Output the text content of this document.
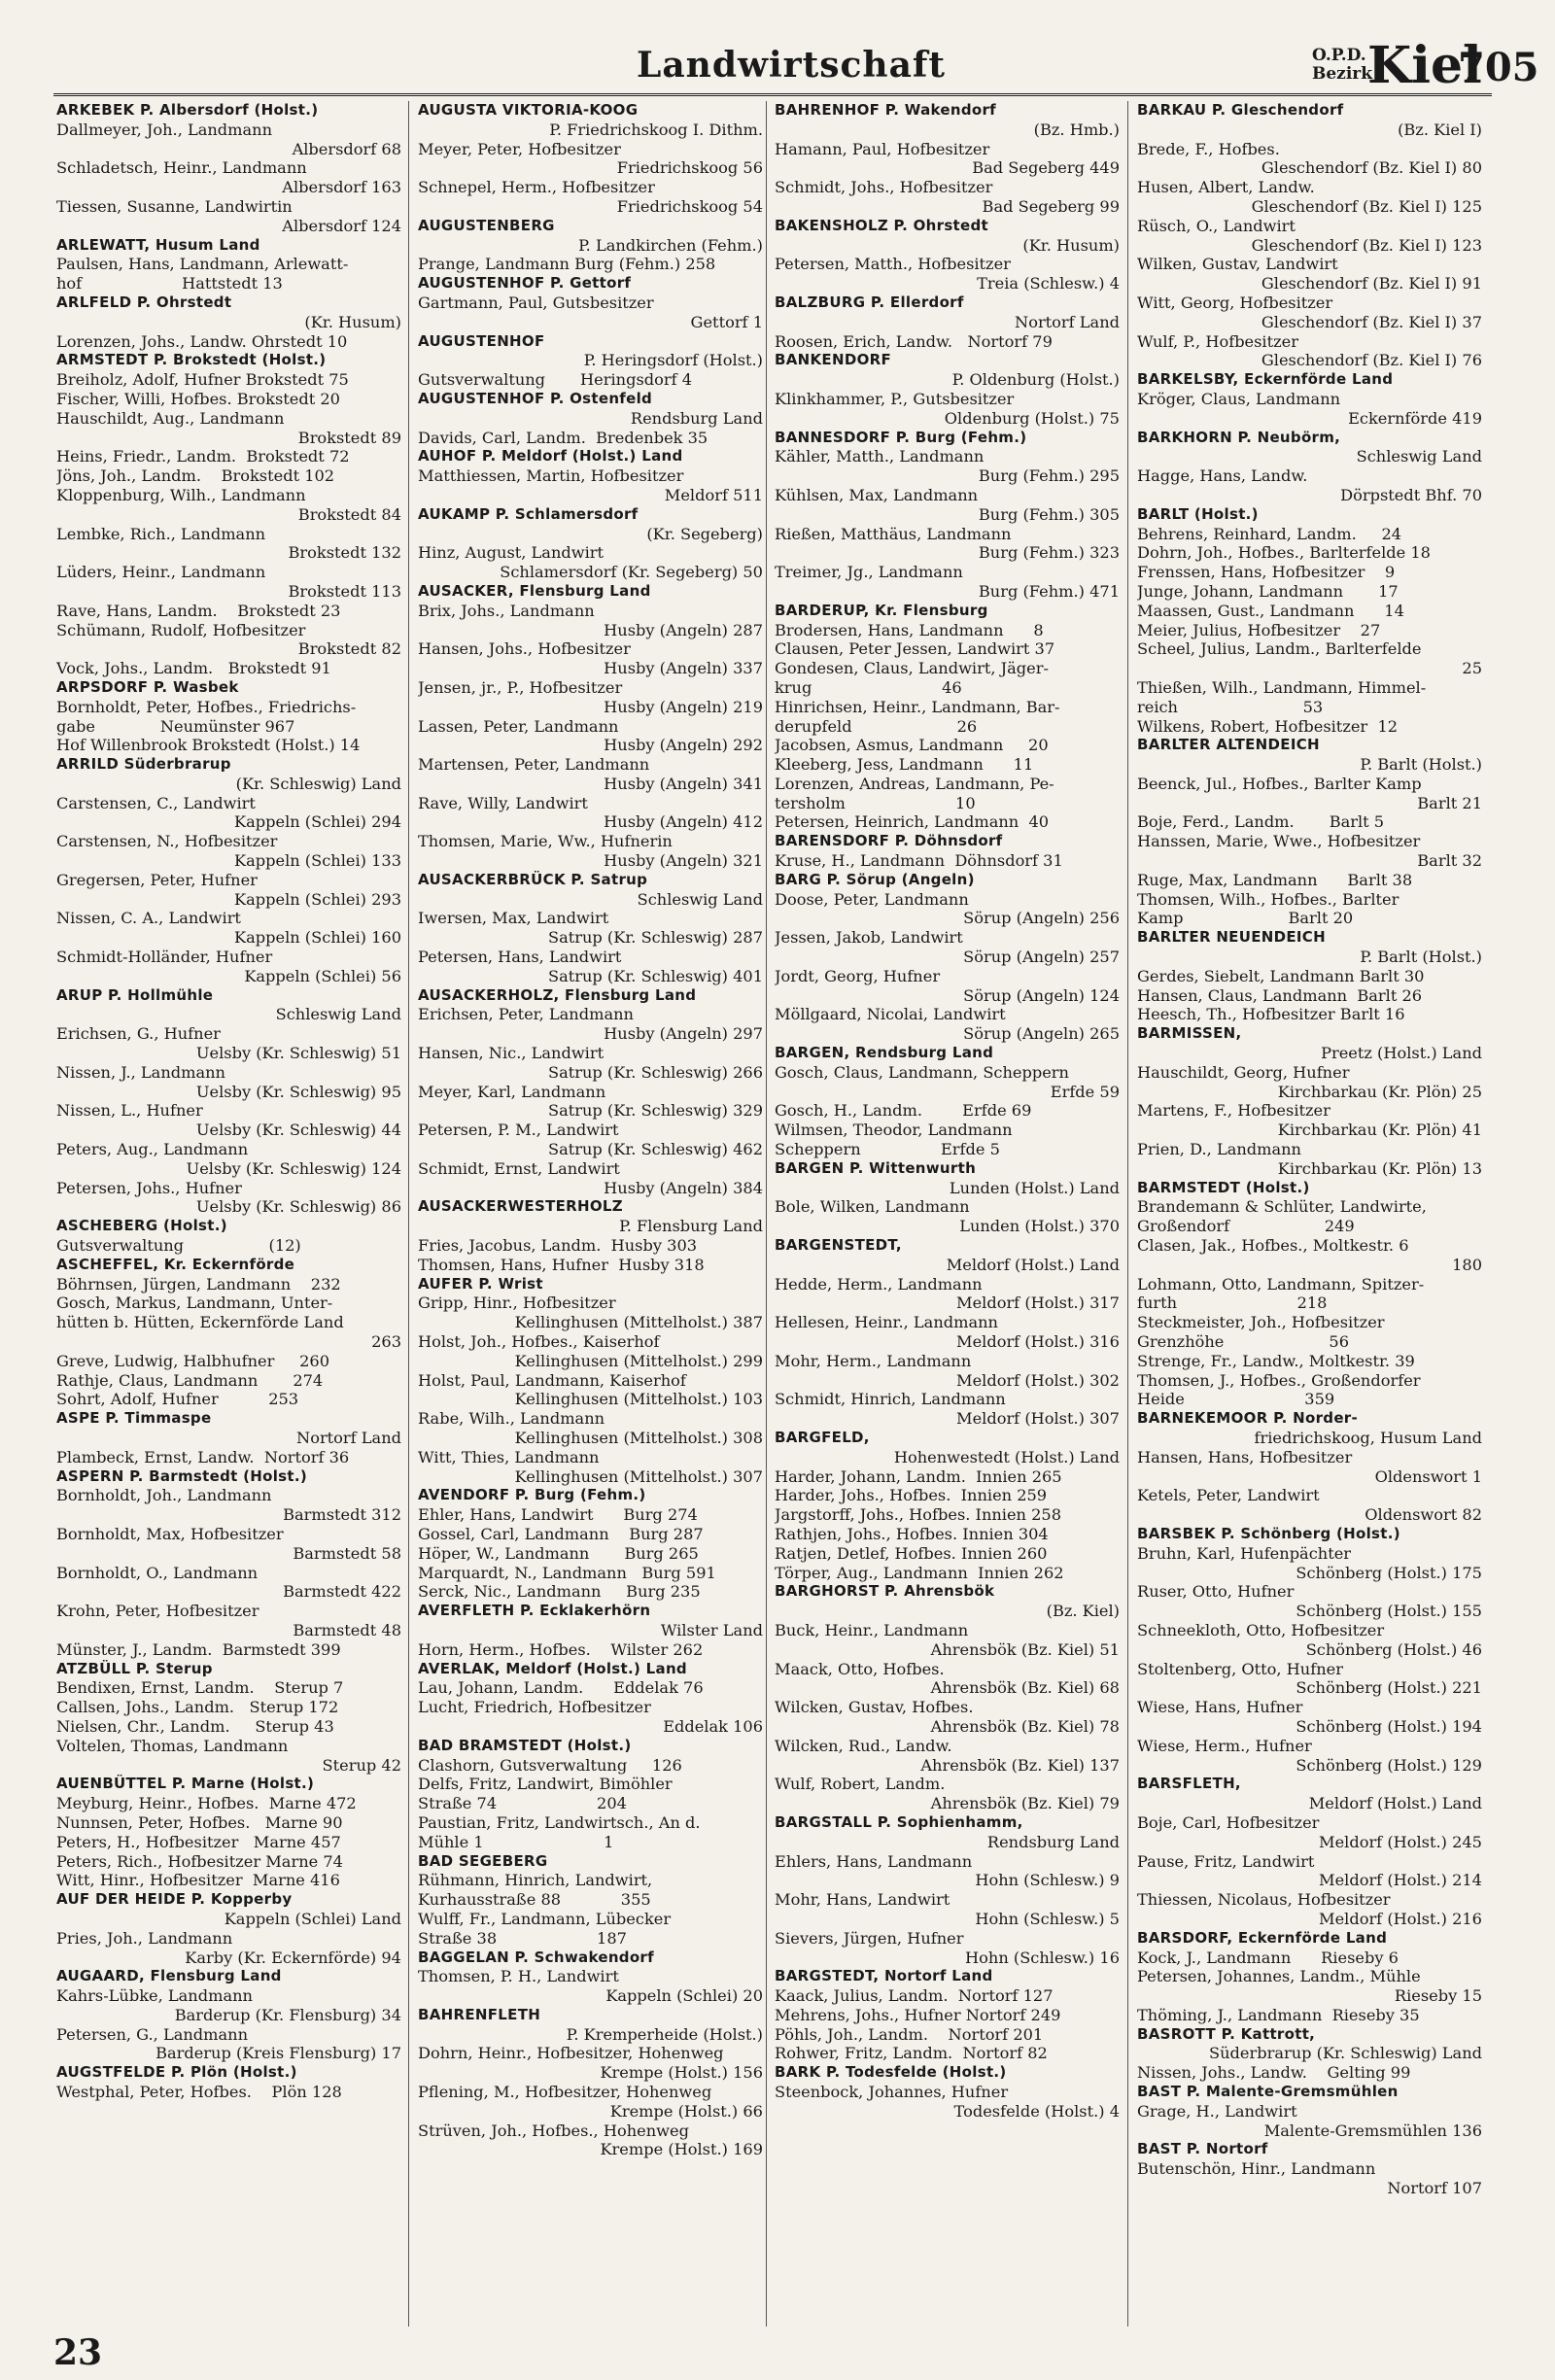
Landwirtschaft	O.P.D.
Bezirk
Kiel
705
ARKEBEK P. Albersdorf (Holst.)
Dallmeyer, Joh., Landmann
Albersdorf 68
Schladetsch, Heinr., Landmann
Albersdorf 163
Tiessen, Susanne, Landwirtin
Albersdorf 124
ARLEWATT, Husum Land
Paulsen, Hans, Landmann, Arlewatt-
hof                    Hattstedt 13
ARLFELD P. Ohrstedt
(Kr. Husum)
Lorenzen, Johs., Landw. Ohrstedt 10
ARMSTEDT P. Brokstedt (Holst.)
Breiholz, Adolf, Hufner Brokstedt 75
Fischer, Willi, Hofbes. Brokstedt 20
Hauschildt, Aug., Landmann
Brokstedt 89
Heins, Friedr., Landm.  Brokstedt 72
Jöns, Joh., Landm.    Brokstedt 102
Kloppenburg, Wilh., Landmann
Brokstedt 84
Lembke, Rich., Landmann
Brokstedt 132
Lüders, Heinr., Landmann
Brokstedt 113
Rave, Hans, Landm.    Brokstedt 23
Schümann, Rudolf, Hofbesitzer
Brokstedt 82
Vock, Johs., Landm.   Brokstedt 91
ARPSDORF P. Wasbek
Bornholdt, Peter, Hofbes., Friedrichs-
gabe             Neumünster 967
Hof Willenbrook Brokstedt (Holst.) 14
ARRILD Süderbrarup
(Kr. Schleswig) Land
Carstensen, C., Landwirt
Kappeln (Schlei) 294
Carstensen, N., Hofbesitzer
Kappeln (Schlei) 133
Gregersen, Peter, Hufner
Kappeln (Schlei) 293
Nissen, C. A., Landwirt
Kappeln (Schlei) 160
Schmidt-Holländer, Hufner
Kappeln (Schlei) 56
ARUP P. Hollmühle
Schleswig Land
Erichsen, G., Hufner
Uelsby (Kr. Schleswig) 51
Nissen, J., Landmann
Uelsby (Kr. Schleswig) 95
Nissen, L., Hufner
Uelsby (Kr. Schleswig) 44
Peters, Aug., Landmann
Uelsby (Kr. Schleswig) 124
Petersen, Johs., Hufner
Uelsby (Kr. Schleswig) 86
ASCHEBERG (Holst.)
Gutsverwaltung                 (12)
ASCHEFFEL, Kr. Eckernförde
Böhrnsen, Jürgen, Landmann    232
Gosch, Markus, Landmann, Unter-
hütten b. Hütten, Eckernförde Land
263
Greve, Ludwig, Halbhufner     260
Rathje, Claus, Landmann       274
Sohrt, Adolf, Hufner          253
ASPE P. Timmaspe
Nortorf Land
Plambeck, Ernst, Landw.  Nortorf 36
ASPERN P. Barmstedt (Holst.)
Bornholdt, Joh., Landmann
Barmstedt 312
Bornholdt, Max, Hofbesitzer
Barmstedt 58
Bornholdt, O., Landmann
Barmstedt 422
Krohn, Peter, Hofbesitzer
Barmstedt 48
Münster, J., Landm.  Barmstedt 399
ATZBÜLL P. Sterup
Bendixen, Ernst, Landm.    Sterup 7
Callsen, Johs., Landm.   Sterup 172
Nielsen, Chr., Landm.     Sterup 43
Voltelen, Thomas, Landmann
Sterup 42
AUENBÜTTEL P. Marne (Holst.)
Meyburg, Heinr., Hofbes.  Marne 472
Nunnsen, Peter, Hofbes.   Marne 90
Peters, H., Hofbesitzer   Marne 457
Peters, Rich., Hofbesitzer Marne 74
Witt, Hinr., Hofbesitzer  Marne 416
AUF DER HEIDE P. Kopperby
Kappeln (Schlei) Land
Pries, Joh., Landmann
Karby (Kr. Eckernförde) 94
AUGAARD, Flensburg Land
Kahrs-Lübke, Landmann
Barderup (Kr. Flensburg) 34
Petersen, G., Landmann
Barderup (Kreis Flensburg) 17
AUGSTFELDE P. Plön (Holst.)
Westphal, Peter, Hofbes.    Plön 128
AUGUSTA VIKTORIA-KOOG
P. Friedrichskoog I. Dithm.
Meyer, Peter, Hofbesitzer
Friedrichskoog 56
Schnepel, Herm., Hofbesitzer
Friedrichskoog 54
AUGUSTENBERG
P. Landkirchen (Fehm.)
Prange, Landmann Burg (Fehm.) 258
AUGUSTENHOF P. Gettorf
Gartmann, Paul, Gutsbesitzer
Gettorf 1
AUGUSTENHOF
P. Heringsdorf (Holst.)
Gutsverwaltung       Heringsdorf 4
AUGUSTENHOF P. Ostenfeld
Rendsburg Land
Davids, Carl, Landm.  Bredenbek 35
AUHOF P. Meldorf (Holst.) Land
Matthiessen, Martin, Hofbesitzer
Meldorf 511
AUKAMP P. Schlamersdorf
(Kr. Segeberg)
Hinz, August, Landwirt
Schlamersdorf (Kr. Segeberg) 50
AUSACKER, Flensburg Land
Brix, Johs., Landmann
Husby (Angeln) 287
Hansen, Johs., Hofbesitzer
Husby (Angeln) 337
Jensen, jr., P., Hofbesitzer
Husby (Angeln) 219
Lassen, Peter, Landmann
Husby (Angeln) 292
Martensen, Peter, Landmann
Husby (Angeln) 341
Rave, Willy, Landwirt
Husby (Angeln) 412
Thomsen, Marie, Ww., Hufnerin
Husby (Angeln) 321
AUSACKERBRÜCK P. Satrup
Schleswig Land
Iwersen, Max, Landwirt
Satrup (Kr. Schleswig) 287
Petersen, Hans, Landwirt
Satrup (Kr. Schleswig) 401
AUSACKERHOLZ, Flensburg Land
Erichsen, Peter, Landmann
Husby (Angeln) 297
Hansen, Nic., Landwirt
Satrup (Kr. Schleswig) 266
Meyer, Karl, Landmann
Satrup (Kr. Schleswig) 329
Petersen, P. M., Landwirt
Satrup (Kr. Schleswig) 462
Schmidt, Ernst, Landwirt
Husby (Angeln) 384
AUSACKERWESTERHOLZ
P. Flensburg Land
Fries, Jacobus, Landm.  Husby 303
Thomsen, Hans, Hufner  Husby 318
AUFER P. Wrist
Gripp, Hinr., Hofbesitzer
Kellinghusen (Mittelholst.) 387
Holst, Joh., Hofbes., Kaiserhof
Kellinghusen (Mittelholst.) 299
Holst, Paul, Landmann, Kaiserhof
Kellinghusen (Mittelholst.) 103
Rabe, Wilh., Landmann
Kellinghusen (Mittelholst.) 308
Witt, Thies, Landmann
Kellinghusen (Mittelholst.) 307
AVENDORF P. Burg (Fehm.)
Ehler, Hans, Landwirt      Burg 274
Gossel, Carl, Landmann    Burg 287
Höper, W., Landmann       Burg 265
Marquardt, N., Landmann   Burg 591
Serck, Nic., Landmann     Burg 235
AVERFLETH P. Ecklakerhörn
Wilster Land
Horn, Herm., Hofbes.    Wilster 262
AVERLAK, Meldorf (Holst.) Land
Lau, Johann, Landm.      Eddelak 76
Lucht, Friedrich, Hofbesitzer
Eddelak 106
BAD BRAMSTEDT (Holst.)
Clashorn, Gutsverwaltung     126
Delfs, Fritz, Landwirt, Bimöhler
Straße 74                    204
Paustian, Fritz, Landwirtsch., An d.
Mühle 1                        1
BAD SEGEBERG
Rühmann, Hinrich, Landwirt,
Kurhausstraße 88            355
Wulff, Fr., Landmann, Lübecker
Straße 38                    187
BAGGELAN P. Schwakendorf
Thomsen, P. H., Landwirt
Kappeln (Schlei) 20
BAHRENFLETH
P. Kremperheide (Holst.)
Dohrn, Heinr., Hofbesitzer, Hohenweg
Krempe (Holst.) 156
Pflening, M., Hofbesitzer, Hohenweg
Krempe (Holst.) 66
Strüven, Joh., Hofbes., Hohenweg
Krempe (Holst.) 169
BAHRENHOF P. Wakendorf
(Bz. Hmb.)
Hamann, Paul, Hofbesitzer
Bad Segeberg 449
Schmidt, Johs., Hofbesitzer
Bad Segeberg 99
BAKENSHOLZ P. Ohrstedt
(Kr. Husum)
Petersen, Matth., Hofbesitzer
Treia (Schlesw.) 4
BALZBURG P. Ellerdorf
Nortorf Land
Roosen, Erich, Landw.   Nortorf 79
BANKENDORF
P. Oldenburg (Holst.)
Klinkhammer, P., Gutsbesitzer
Oldenburg (Holst.) 75
BANNESDORF P. Burg (Fehm.)
Kähler, Matth., Landmann
Burg (Fehm.) 295
Kühlsen, Max, Landmann
Burg (Fehm.) 305
Rießen, Matthäus, Landmann
Burg (Fehm.) 323
Treimer, Jg., Landmann
Burg (Fehm.) 471
BARDERUP, Kr. Flensburg
Brodersen, Hans, Landmann      8
Clausen, Peter Jessen, Landwirt 37
Gondesen, Claus, Landwirt, Jäger-
krug                          46
Hinrichsen, Heinr., Landmann, Bar-
derupfeld                     26
Jacobsen, Asmus, Landmann     20
Kleeberg, Jess, Landmann      11
Lorenzen, Andreas, Landmann, Pe-
tersholm                      10
Petersen, Heinrich, Landmann  40
BARENSDORF P. Döhnsdorf
Kruse, H., Landmann  Döhnsdorf 31
BARG P. Sörup (Angeln)
Doose, Peter, Landmann
Sörup (Angeln) 256
Jessen, Jakob, Landwirt
Sörup (Angeln) 257
Jordt, Georg, Hufner
Sörup (Angeln) 124
Möllgaard, Nicolai, Landwirt
Sörup (Angeln) 265
BARGEN, Rendsburg Land
Gosch, Claus, Landmann, Scheppern
Erfde 59
Gosch, H., Landm.        Erfde 69
Wilmsen, Theodor, Landmann
Scheppern                Erfde 5
BARGEN P. Wittenwurth
Lunden (Holst.) Land
Bole, Wilken, Landmann
Lunden (Holst.) 370
BARGENSTEDT,
Meldorf (Holst.) Land
Hedde, Herm., Landmann
Meldorf (Holst.) 317
Hellesen, Heinr., Landmann
Meldorf (Holst.) 316
Mohr, Herm., Landmann
Meldorf (Holst.) 302
Schmidt, Hinrich, Landmann
Meldorf (Holst.) 307
BARGFELD,
Hohenwestedt (Holst.) Land
Harder, Johann, Landm.  Innien 265
Harder, Johs., Hofbes.  Innien 259
Jargstorff, Johs., Hofbes. Innien 258
Rathjen, Johs., Hofbes. Innien 304
Ratjen, Detlef, Hofbes. Innien 260
Törper, Aug., Landmann  Innien 262
BARGHORST P. Ahrensbök
(Bz. Kiel)
Buck, Heinr., Landmann
Ahrensbök (Bz. Kiel) 51
Maack, Otto, Hofbes.
Ahrensbök (Bz. Kiel) 68
Wilcken, Gustav, Hofbes.
Ahrensbök (Bz. Kiel) 78
Wilcken, Rud., Landw.
Ahrensbök (Bz. Kiel) 137
Wulf, Robert, Landm.
Ahrensbök (Bz. Kiel) 79
BARGSTALL P. Sophienhamm,
Rendsburg Land
Ehlers, Hans, Landmann
Hohn (Schlesw.) 9
Mohr, Hans, Landwirt
Hohn (Schlesw.) 5
Sievers, Jürgen, Hufner
Hohn (Schlesw.) 16
BARGSTEDT, Nortorf Land
Kaack, Julius, Landm.  Nortorf 127
Mehrens, Johs., Hufner Nortorf 249
Pöhls, Joh., Landm.    Nortorf 201
Rohwer, Fritz, Landm.  Nortorf 82
BARK P. Todesfelde (Holst.)
Steenbock, Johannes, Hufner
Todesfelde (Holst.) 4
BARKAU P. Gleschendorf
(Bz. Kiel I)
Brede, F., Hofbes.
Gleschendorf (Bz. Kiel I) 80
Husen, Albert, Landw.
Gleschendorf (Bz. Kiel I) 125
Rüsch, O., Landwirt
Gleschendorf (Bz. Kiel I) 123
Wilken, Gustav, Landwirt
Gleschendorf (Bz. Kiel I) 91
Witt, Georg, Hofbesitzer
Gleschendorf (Bz. Kiel I) 37
Wulf, P., Hofbesitzer
Gleschendorf (Bz. Kiel I) 76
BARKELSBY, Eckernförde Land
Kröger, Claus, Landmann
Eckernförde 419
BARKHORN P. Neubörm,
Schleswig Land
Hagge, Hans, Landw.
Dörpstedt Bhf. 70
BARLT (Holst.)
Behrens, Reinhard, Landm.     24
Dohrn, Joh., Hofbes., Barlterfelde 18
Frenssen, Hans, Hofbesitzer    9
Junge, Johann, Landmann       17
Maassen, Gust., Landmann      14
Meier, Julius, Hofbesitzer    27
Scheel, Julius, Landm., Barlterfelde
25
Thießen, Wilh., Landmann, Himmel-
reich                         53
Wilkens, Robert, Hofbesitzer  12
BARLTER ALTENDEICH
P. Barlt (Holst.)
Beenck, Jul., Hofbes., Barlter Kamp
Barlt 21
Boje, Ferd., Landm.       Barlt 5
Hanssen, Marie, Wwe., Hofbesitzer
Barlt 32
Ruge, Max, Landmann      Barlt 38
Thomsen, Wilh., Hofbes., Barlter
Kamp                     Barlt 20
BARLTER NEUENDEICH
P. Barlt (Holst.)
Gerdes, Siebelt, Landmann Barlt 30
Hansen, Claus, Landmann  Barlt 26
Heesch, Th., Hofbesitzer Barlt 16
BARMISSEN,
Preetz (Holst.) Land
Hauschildt, Georg, Hufner
Kirchbarkau (Kr. Plön) 25
Martens, F., Hofbesitzer
Kirchbarkau (Kr. Plön) 41
Prien, D., Landmann
Kirchbarkau (Kr. Plön) 13
BARMSTEDT (Holst.)
Brandemann & Schlüter, Landwirte,
Großendorf                   249
Clasen, Jak., Hofbes., Moltkestr. 6
180
Lohmann, Otto, Landmann, Spitzer-
furth                        218
Steckmeister, Joh., Hofbesitzer
Grenzhöhe                     56
Strenge, Fr., Landw., Moltkestr. 39
Thomsen, J., Hofbes., Großendorfer
Heide                        359
BARNEKEMOOR P. Norder-
friedrichskoog, Husum Land
Hansen, Hans, Hofbesitzer
Oldenswort 1
Ketels, Peter, Landwirt
Oldenswort 82
BARSBEK P. Schönberg (Holst.)
Bruhn, Karl, Hufenpächter
Schönberg (Holst.) 175
Ruser, Otto, Hufner
Schönberg (Holst.) 155
Schneekloth, Otto, Hofbesitzer
Schönberg (Holst.) 46
Stoltenberg, Otto, Hufner
Schönberg (Holst.) 221
Wiese, Hans, Hufner
Schönberg (Holst.) 194
Wiese, Herm., Hufner
Schönberg (Holst.) 129
BARSFLETH,
Meldorf (Holst.) Land
Boje, Carl, Hofbesitzer
Meldorf (Holst.) 245
Pause, Fritz, Landwirt
Meldorf (Holst.) 214
Thiessen, Nicolaus, Hofbesitzer
Meldorf (Holst.) 216
BARSDORF, Eckernförde Land
Kock, J., Landmann      Rieseby 6
Petersen, Johannes, Landm., Mühle
Rieseby 15
Thöming, J., Landmann  Rieseby 35
BASROTT P. Kattrott,
Süderbrarup (Kr. Schleswig) Land
Nissen, Johs., Landw.    Gelting 99
BAST P. Malente-Gremsmühlen
Grage, H., Landwirt
Malente-Gremsmühlen 136
BAST P. Nortorf
Butenschön, Hinr., Landmann
Nortorf 107
23
